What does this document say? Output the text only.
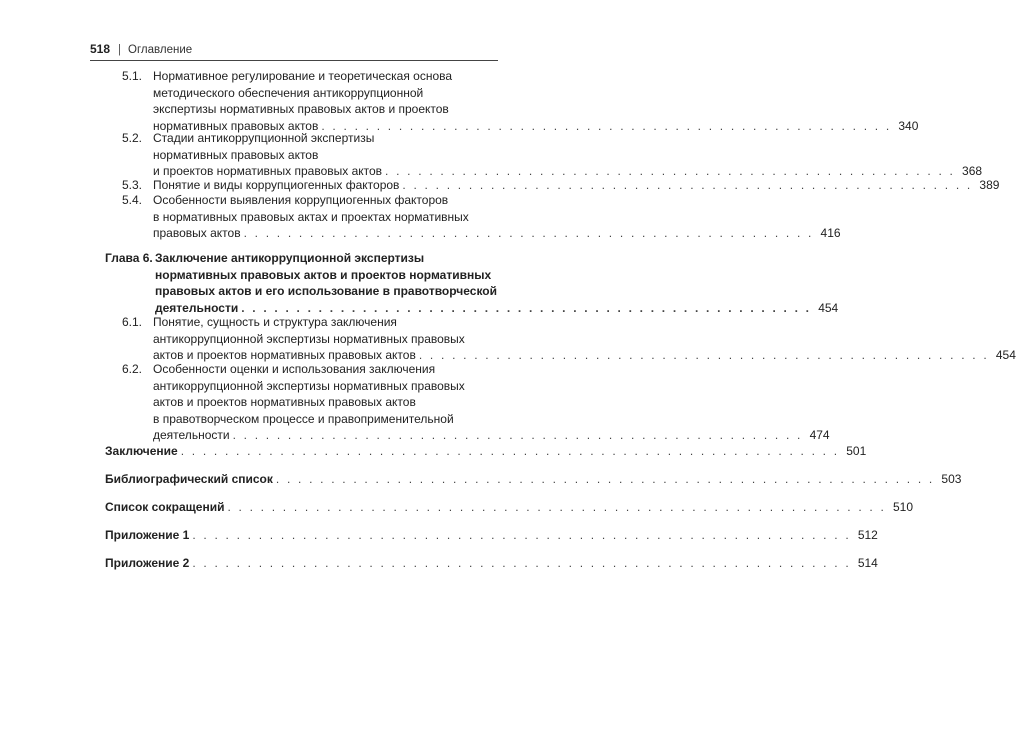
518 | Оглавление
5.1. Нормативное регулирование и теоретическая основа
методического обеспечения антикоррупционной
экспертизы нормативных правовых актов и проектов
нормативных правовых актов . . . . . . . . . . . . . . . . . . . . . . . . . . . . . . . . . . . . . . . . . . . . . . . . . . . . 340
5.2. Стадии антикоррупционной экспертизы
нормативных правовых актов
и проектов нормативных правовых актов . . . . . . . . . . . . . . . . . . . . . . . . . . . . . . . . . . . . . . . . . . . . . . . . . . . . 368
5.3. Понятие и виды коррупциогенных факторов . . . . . . . . . . . . . . . . . . . . . . . . . . . . . . . . . . . . . . . . . . . . . . . . . . . . 389
5.4. Особенности выявления коррупциогенных факторов
в нормативных правовых актах и проектах нормативных
правовых актов . . . . . . . . . . . . . . . . . . . . . . . . . . . . . . . . . . . . . . . . . . . . . . . . . . . . 416
Глава 6. Заключение антикоррупционной экспертизы
нормативных правовых актов и проектов нормативных
правовых актов и его использование в правотворческой
деятельности . . . . . . . . . . . . . . . . . . . . . . . . . . . . . . . . . . . . . . . . . . . . . . . . . . . . 454
6.1. Понятие, сущность и структура заключения
антикоррупционной экспертизы нормативных правовых
актов и проектов нормативных правовых актов . . . . . . . . . . . . . . . . . . . . . . . . . . . . . . . . . . . . . . . . . . . . . . . . . . . . 454
6.2. Особенности оценки и использования заключения
антикоррупционной экспертизы нормативных правовых
актов и проектов нормативных правовых актов
в правотворческом процессе и правоприменительной
деятельности . . . . . . . . . . . . . . . . . . . . . . . . . . . . . . . . . . . . . . . . . . . . . . . . . . . . 474
Заключение . . . . . . . . . . . . . . . . . . . . . . . . . . . . . . . . . . . . . . . . . . . . . . . . . . . . . . . . . . . . 501
Библиографический список . . . . . . . . . . . . . . . . . . . . . . . . . . . . . . . . . . . . . . . . . . . . . . . . . . . . . . . . . . . . 503
Список сокращений . . . . . . . . . . . . . . . . . . . . . . . . . . . . . . . . . . . . . . . . . . . . . . . . . . . . . . . . . . . . 510
Приложение 1 . . . . . . . . . . . . . . . . . . . . . . . . . . . . . . . . . . . . . . . . . . . . . . . . . . . . . . . . . . . . 512
Приложение 2 . . . . . . . . . . . . . . . . . . . . . . . . . . . . . . . . . . . . . . . . . . . . . . . . . . . . . . . . . . . . 514
